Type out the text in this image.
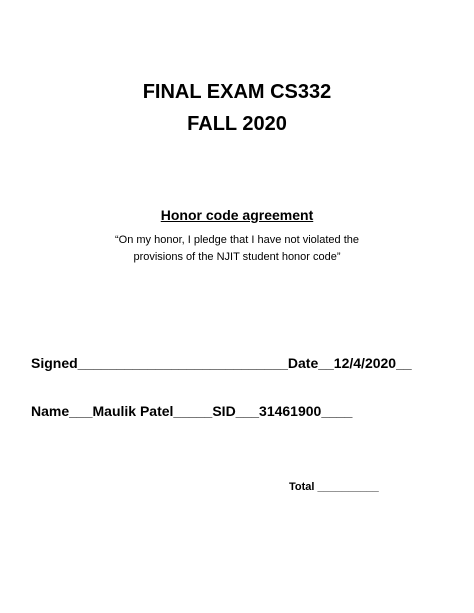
FINAL EXAM CS332
FALL 2020
Honor code agreement
“On my honor, I pledge that I have not violated the
provisions of the NJIT student honor code”
Signed___________________________Date__12/4/2020__
Name___Maulik Patel_____SID___31461900____
Total __________
